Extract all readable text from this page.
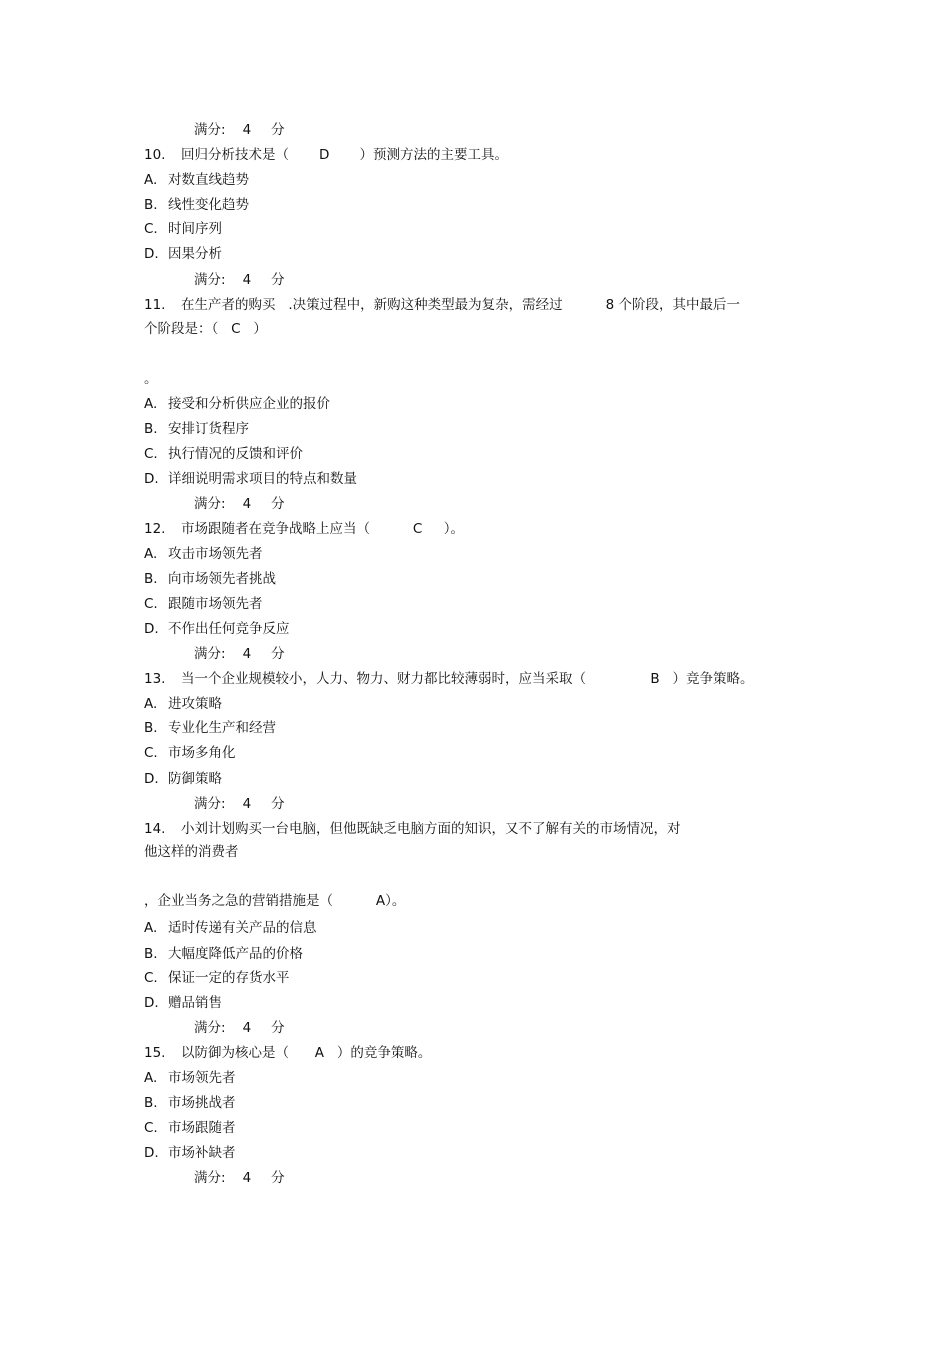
满分: 4 分
10. 回归分析技术是（       D       ）预测方法的主要工具。
A. 对数直线趋势
B. 线性变化趋势
C. 时间序列
D. 因果分析
满分: 4 分
11. 在生产者的购买   .决策过程中，新购这种类型最为复杂，需经过          8 个阶段，其中最后一
个阶段是：（   C   ）
。
A. 接受和分析供应企业的报价
B. 安排订货程序
C. 执行情况的反馈和评价
D. 详细说明需求项目的特点和数量
满分: 4 分
12. 市场跟随者在竞争战略上应当（          C     ）。
A. 攻击市场领先者
B. 向市场领先者挑战
C. 跟随市场领先者
D. 不作出任何竞争反应
满分: 4 分
13. 当一个企业规模较小，人力、物力、财力都比较薄弱时，应当采取（               B   ）竞争策略。
A. 进攻策略
B. 专业化生产和经营
C. 市场多角化
D. 防御策略
满分: 4 分
14. 小刘计划购买一台电脑，但他既缺乏电脑方面的知识，又不了解有关的市场情况，对
他这样的消费者
，企业当务之急的营销措施是（          A）。
A. 适时传递有关产品的信息
B. 大幅度降低产品的价格
C. 保证一定的存货水平
D. 赠品销售
满分: 4 分
15. 以防御为核心是（      A   ）的竞争策略。
A. 市场领先者
B. 市场挑战者
C. 市场跟随者
D. 市场补缺者
满分: 4 分
